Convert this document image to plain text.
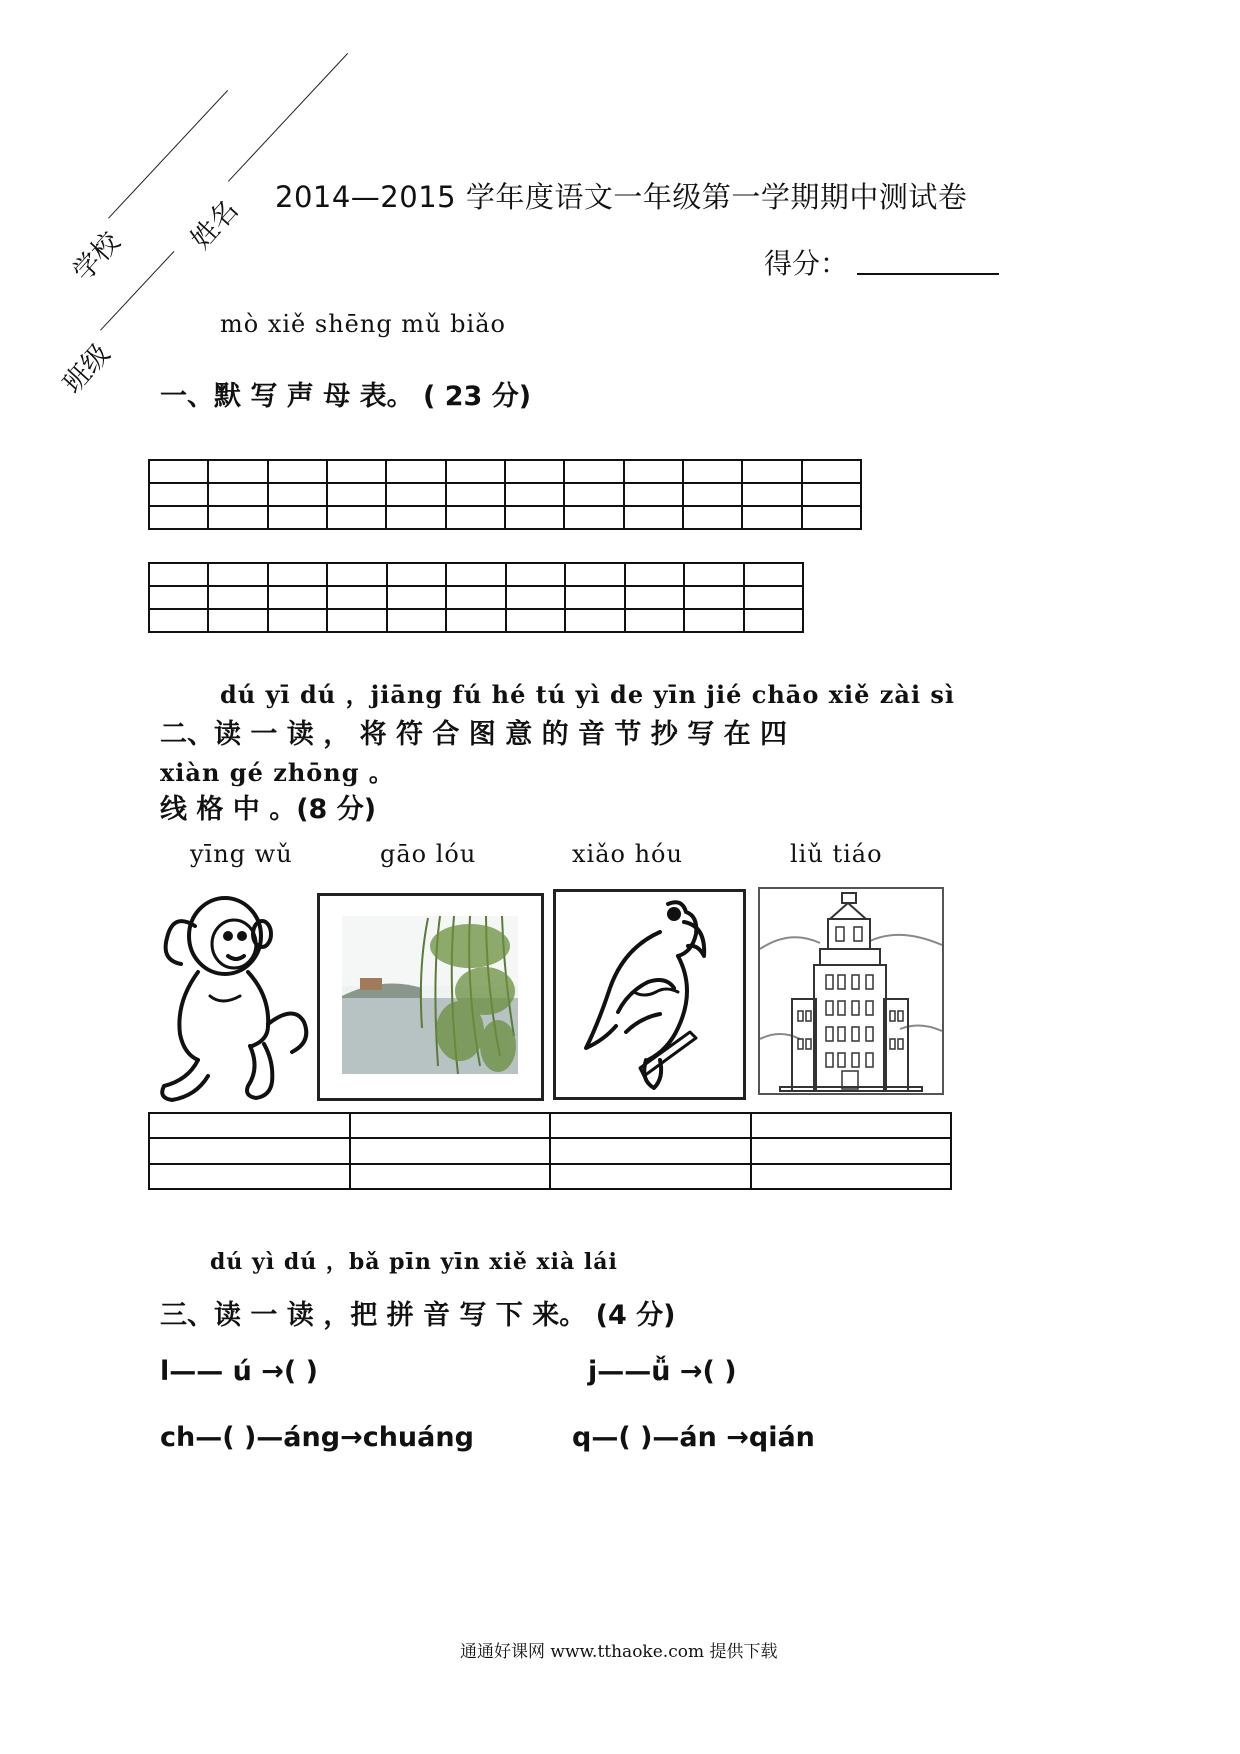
学校
姓名
班级
2014—2015 学年度语文一年级第一学期期中测试卷
得分：
mò xiě shēng mǔ biǎo
一、默 写 声 母 表。 ( 23 分)

dú yī dú ，jiāng fú hé tú yì de yīn jié chāo xiě zài sì
二、读 一 读 ， 将 符 合 图 意 的 音 节 抄 写 在 四
xiàn gé zhōng 。
线 格 中 。(8 分)
yīng wǔ	gāo lóu	xiǎo hóu	liǔ tiáo

dú yì dú ，bǎ pīn yīn xiě xià lái
三、读 一 读 ，把 拼 音 写 下 来。 (4 分)
l—— ú →( )	j——ǚ →( )
ch—( )—áng→chuáng	q—( )—án →qián
通通好课网 www.tthaoke.com 提供下载
